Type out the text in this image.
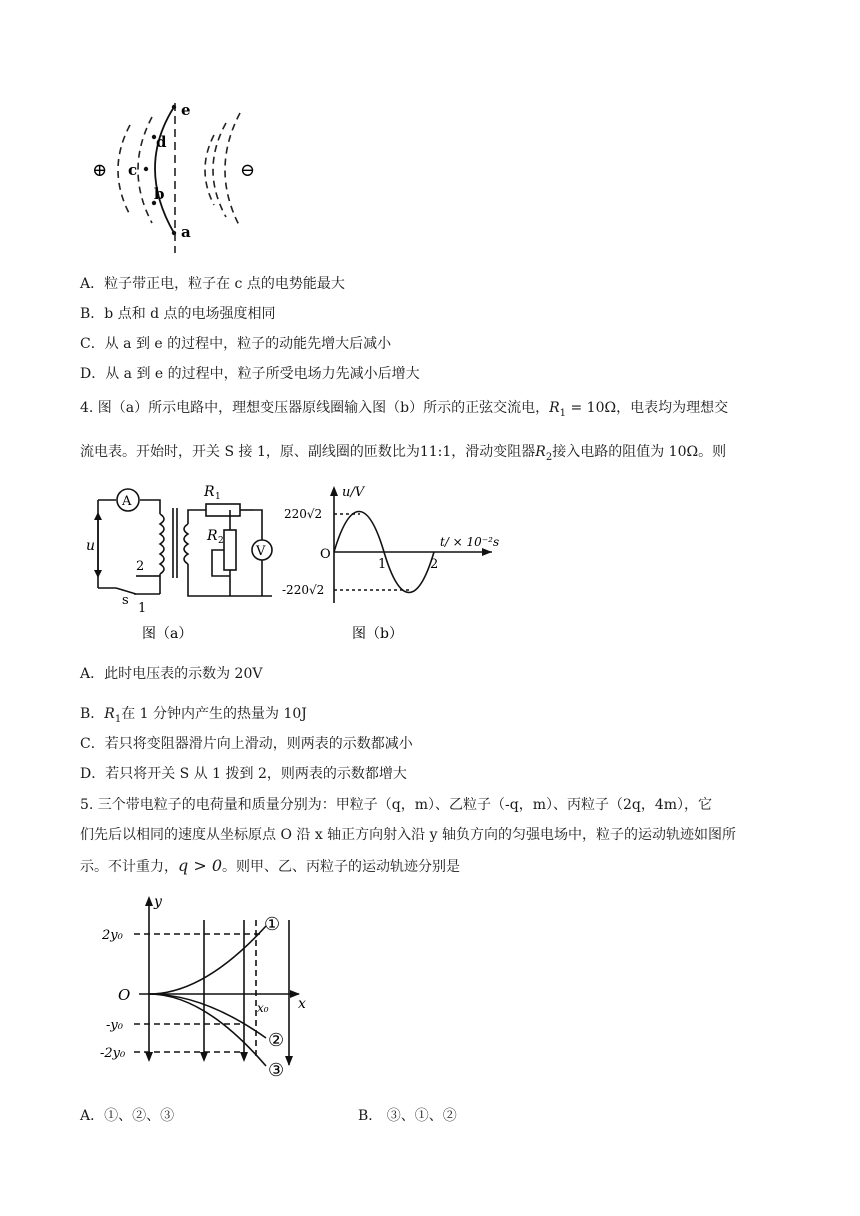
e
d
c
b
a
⊕	⊖
A．粒子带正电，粒子在 c 点的电势能最大
B．b 点和 d 点的电场强度相同
C．从 a 到 e 的过程中，粒子的动能先增大后减小
D．从 a 到 e 的过程中，粒子所受电场力先减小后增大
4. 图（a）所示电路中，理想变压器原线圈输入图（b）所示的正弦交流电，$R_1 = 10\Omega$，电表均为理想交
流电表。开始时，开关 S 接 1，原、副线圈的匝数比为11:1，滑动变阻器$R_2$接入电路的阻值为 10Ω。则
A
V
R 1
R 2
u
2
1
s
图（a）
u/V
t/ × 10⁻²s
220√2
-220√2
O
1	2
图（b）
A．此时电压表的示数为 20V
B．$R_1$在 1 分钟内产生的热量为 10J
C．若只将变阻器滑片向上滑动，则两表的示数都减小
D．若只将开关 S 从 1 拨到 2，则两表的示数都增大
5. 三个带电粒子的电荷量和质量分别为：甲粒子（q，m）、乙粒子（-q，m）、丙粒子（2q，4m），它
们先后以相同的速度从坐标原点 O 沿 x 轴正方向射入沿 y 轴负方向的匀强电场中，粒子的运动轨迹如图所
示。不计重力，q > 0。则甲、乙、丙粒子的运动轨迹分别是
y
x
O
2y₀
-y₀
-2y₀
x₀
①
②
③
A．①、②、③	B． ③、①、②
